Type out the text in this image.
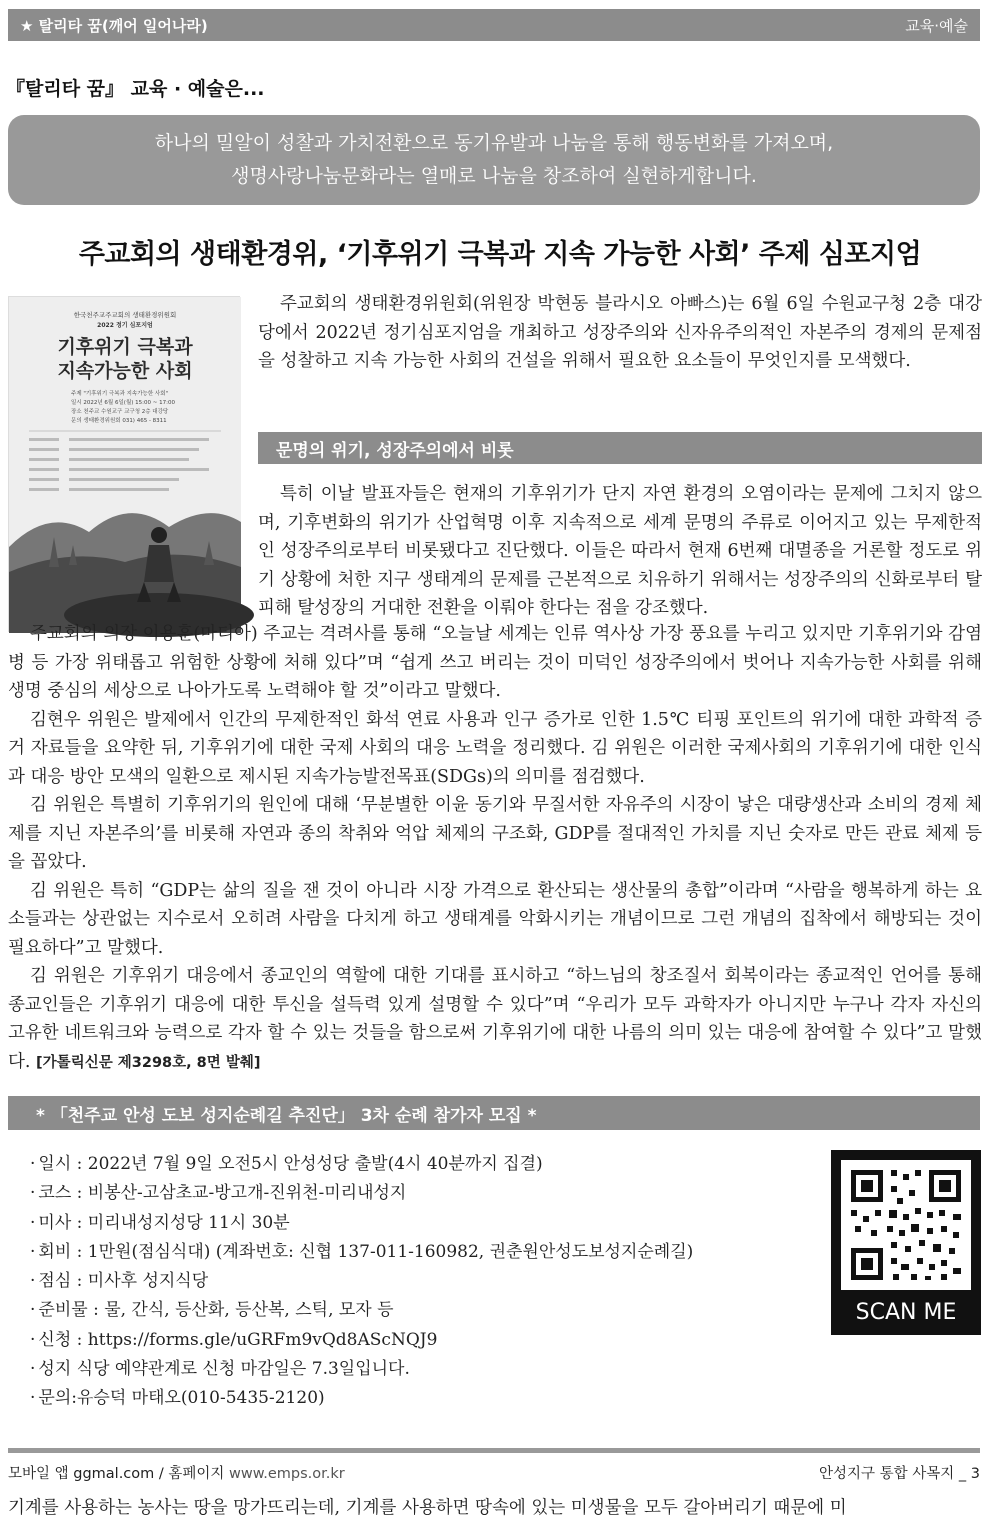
★ 탈리타 꿈(깨어 일어나라)	교육·예술
『탈리타 꿈』 교육 · 예술은...
하나의 밀알이 성찰과 가치전환으로 동기유발과 나눔을 통해 행동변화를 가져오며,
생명사랑나눔문화라는 열매로 나눔을 창조하여 실현하게합니다.
주교회의 생태환경위, ‘기후위기 극복과 지속 가능한 사회’ 주제 심포지엄
한국천주교주교회의 생태환경위원회
2022 정기 심포지엄
기후위기 극복과
지속가능한 사회
주제 "기후위기 극복과 지속가능한 사회"
일시 2022년 6월 6일(월) 15:00 ~ 17:00
장소 천주교 수원교구 교구청 2층 대강당
문의 생태환경위원회 031) 465 - 8311

주교회의 생태환경위원회(위원장 박현동 블라시오 아빠스)는 6월 6일 수원교구청 2층 대강당에서 2022년 정기심포지엄을 개최하고 성장주의와 신자유주의적인 자본주의 경제의 문제점을 성찰하고 지속 가능한 사회의 건설을 위해서 필요한 요소들이 무엇인지를 모색했다.

문명의 위기, 성장주의에서 비롯

특히 이날 발표자들은 현재의 기후위기가 단지 자연 환경의 오염이라는 문제에 그치지 않으며, 기후변화의 위기가 산업혁명 이후 지속적으로 세계 문명의 주류로 이어지고 있는 무제한적인 성장주의로부터 비롯됐다고 진단했다. 이들은 따라서 현재 6번째 대멸종을 거론할 정도로 위기 상황에 처한 지구 생태계의 문제를 근본적으로 치유하기 위해서는 성장주의의 신화로부터 탈피해 탈성장의 거대한 전환을 이뤄야 한다는 점을 강조했다.

주교회의 의장 이용훈(마티아) 주교는 격려사를 통해 “오늘날 세계는 인류 역사상 가장 풍요를 누리고 있지만 기후위기와 감염병 등 가장 위태롭고 위험한 상황에 처해 있다”며 “쉽게 쓰고 버리는 것이 미덕인 성장주의에서 벗어나 지속가능한 사회를 위해 생명 중심의 세상으로 나아가도록 노력해야 할 것”이라고 말했다.

김현우 위원은 발제에서 인간의 무제한적인 화석 연료 사용과 인구 증가로 인한 1.5℃ 티핑 포인트의 위기에 대한 과학적 증거 자료들을 요약한 뒤, 기후위기에 대한 국제 사회의 대응 노력을 정리했다. 김 위원은 이러한 국제사회의 기후위기에 대한 인식과 대응 방안 모색의 일환으로 제시된 지속가능발전목표(SDGs)의 의미를 점검했다.

김 위원은 특별히 기후위기의 원인에 대해 ‘무분별한 이윤 동기와 무질서한 자유주의 시장이 낳은 대량생산과 소비의 경제 체제를 지닌 자본주의’를 비롯해 자연과 종의 착취와 억압 체제의 구조화, GDP를 절대적인 가치를 지닌 숫자로 만든 관료 체제 등을 꼽았다.

김 위원은 특히 “GDP는 삶의 질을 잰 것이 아니라 시장 가격으로 환산되는 생산물의 총합”이라며 “사람을 행복하게 하는 요소들과는 상관없는 지수로서 오히려 사람을 다치게 하고 생태계를 악화시키는 개념이므로 그런 개념의 집착에서 해방되는 것이 필요하다”고 말했다.

김 위원은 기후위기 대응에서 종교인의 역할에 대한 기대를 표시하고 “하느님의 창조질서 회복이라는 종교적인 언어를 통해 종교인들은 기후위기 대응에 대한 투신을 설득력 있게 설명할 수 있다”며 “우리가 모두 과학자가 아니지만 누구나 각자 자신의 고유한 네트워크와 능력으로 각자 할 수 있는 것들을 함으로써 기후위기에 대한 나름의 의미 있는 대응에 참여할 수 있다”고 말했다. [가톨릭신문 제3298호, 8면 발췌]

* 「천주교 안성 도보 성지순례길 추진단」 3차 순례 참가자 모집 *
· 일시 : 2022년 7월 9일 오전5시 안성성당 출발(4시 40분까지 집결)
· 코스 : 비봉산-고삼초교-방고개-진위천-미리내성지
· 미사 : 미리내성지성당 11시 30분
· 회비 : 1만원(점심식대) (계좌번호: 신협 137-011-160982, 권춘원안성도보성지순례길)
· 점심 : 미사후 성지식당
· 준비물 : 물, 간식, 등산화, 등산복, 스틱, 모자 등
· 신청 : https://forms.gle/uGRFm9vQd8AScNQJ9
· 성지 식당 예약관계로 신청 마감일은 7.3일입니다.
· 문의:유승덕 마태오(010-5435-2120)
SCAN ME
모바일 앱 ggmal.com / 홈페이지 www.emps.or.kr	안성지구 통합 사목지 _ 3
기계를 사용하는 농사는 땅을 망가뜨리는데, 기계를 사용하면 땅속에 있는 미생물을 모두 갈아버리기 때문에 미
